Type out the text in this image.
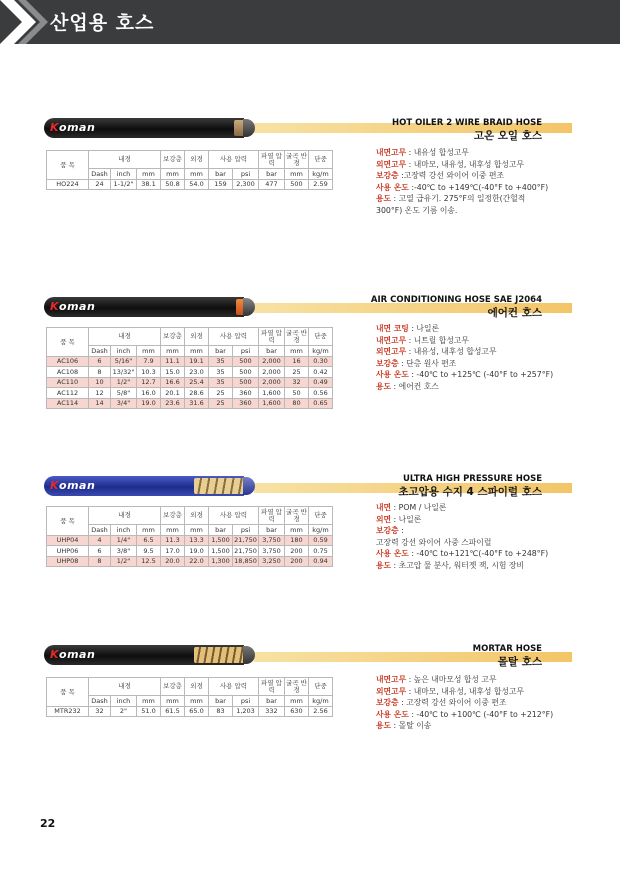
산업용 호스
Koman	HOT OILER 2 WIRE BRAID HOSE
고온 오일 호스
품 목	내경			보강층	외경	사용 압력		파열 압력	굴곡 반경	단중
	Dash	inch	mm	mm	mm	bar	psi	bar	mm	kg/m
HO224	24	1-1/2"	38.1	50.8	54.0	159	2,300	477	500	2.59
내면고무 : 내유성 합성고무
외면고무 : 내마모, 내유성, 내후성 합성고무
보강층 :고장력 강선 와이어 이중 편조
사용 온도 :-40℃ to +149℃(-40°F to +400°F)
용도 : 고열 급유기. 275°F의 일정한(간헐적
300°F) 온도 기름 이송.
Koman	AIR CONDITIONING HOSE SAE J2064
에어컨 호스
품 목	내경			보강층	외경	사용 압력		파열 압력	굴곡 반경	단중
	Dash	inch	mm	mm	mm	bar	psi	bar	mm	kg/m
AC106	6	5/16"	7.9	11.1	19.1	35	500	2,000	16	0.30
AC108	8	13/32"	10.3	15.0	23.0	35	500	2,000	25	0.42
AC110	10	1/2"	12.7	16.6	25.4	35	500	2,000	32	0.49
AC112	12	5/8"	16.0	20.1	28.6	25	360	1,600	50	0.56
AC114	14	3/4"	19.0	23.6	31.6	25	360	1,600	80	0.65
내면 코팅 : 나일론
내면고무 : 니트릴 합성고무
외면고무 : 내유성, 내후성 합성고무
보강층 : 단층 원사 편조
사용 온도 : -40℃ to +125℃ (-40°F to +257°F)
용도 : 에어컨 호스
Koman	ULTRA HIGH PRESSURE HOSE
초고압용 수지 4 스파이럴 호스
품 목	내경			보강층	외경	사용 압력		파열 압력	굴곡 반경	단중
	Dash	inch	mm	mm	mm	bar	psi	bar	mm	kg/m
UHP04	4	1/4"	6.5	11.3	13.3	1,500	21,750	3,750	180	0.59
UHP06	6	3/8"	9.5	17.0	19.0	1,500	21,750	3,750	200	0.75
UHP08	8	1/2"	12.5	20.0	22.0	1,300	18,850	3,250	200	0.94
내면 : POM / 나일론
외면 : 나일론
보강층 :
고장력 강선 와이어 사중 스파이럴
사용 온도 : -40℃ to+121℃(-40°F to +248°F)
용도 : 초고압 물 분사, 워터젯 잭, 시험 장비
Koman	MORTAR HOSE
몰탈 호스
품 목	내경			보강층	외경	사용 압력		파열 압력	굴곡 반경	단중
	Dash	inch	mm	mm	mm	bar	psi	bar	mm	kg/m
MTR232	32	2"	51.0	61.5	65.0	83	1,203	332	630	2.56
내면고무 : 높은 내마모성 합성 고무
외면고무 : 내마모, 내유성, 내후성 합성고무
보강층 : 고장력 강선 와이어 이중 편조
사용 온도 : -40℃ to +100℃ (-40°F to +212°F)
용도 : 몰탈 이송
22
